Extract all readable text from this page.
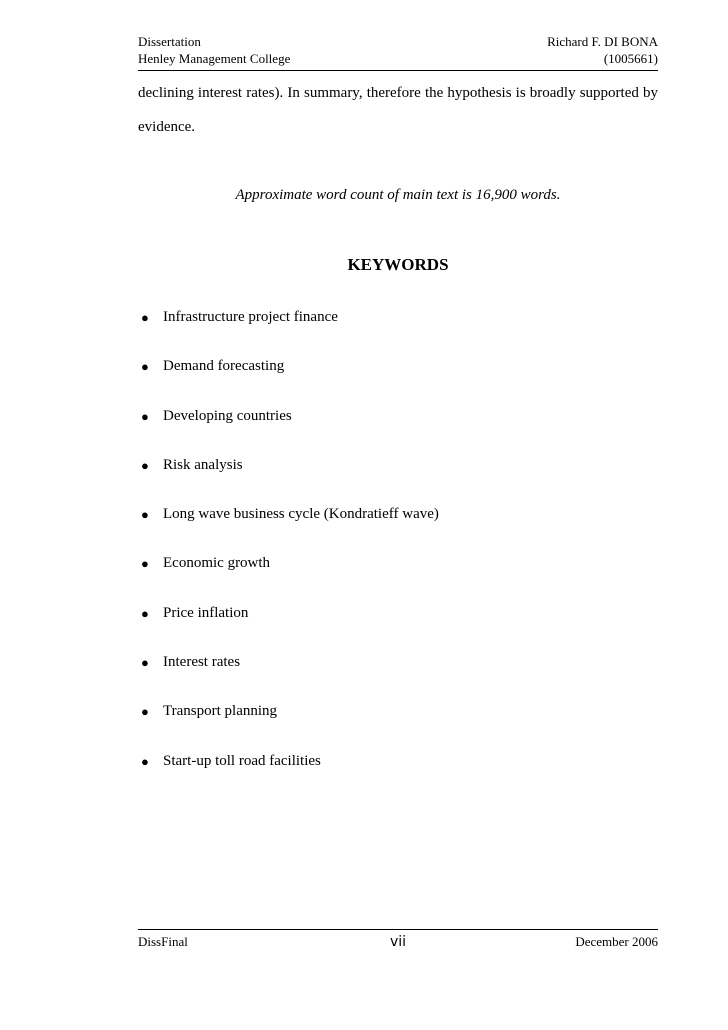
Dissertation	Richard F. DI BONA
Henley Management College	(1005661)
declining interest rates). In summary, therefore the hypothesis is broadly supported by evidence.
Approximate word count of main text is 16,900 words.
KEYWORDS
● Infrastructure project finance
● Demand forecasting
● Developing countries
● Risk analysis
● Long wave business cycle (Kondratieff wave)
● Economic growth
● Price inflation
● Interest rates
● Transport planning
● Start-up toll road facilities
DissFinal	vii	December 2006
